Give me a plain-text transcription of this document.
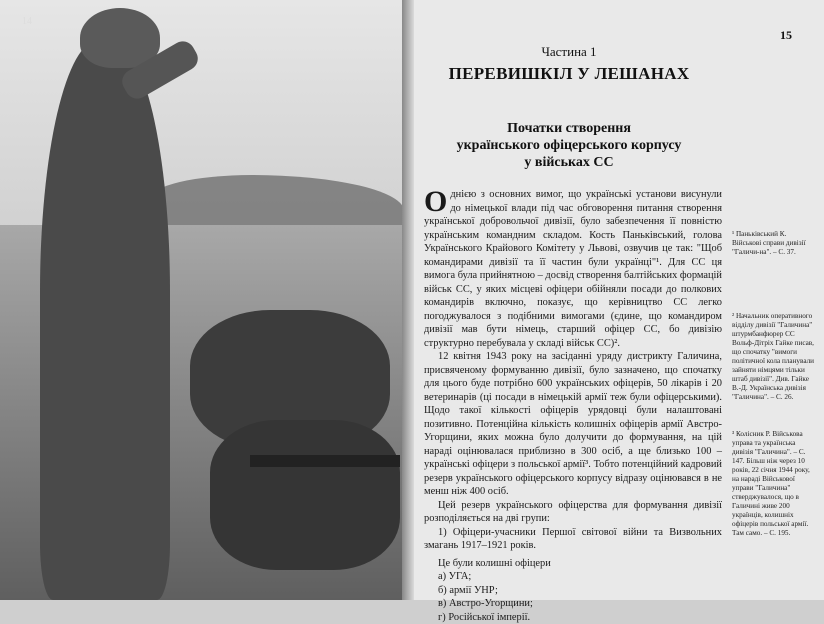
14
15
Частина 1
ПЕРЕВИШКІЛ У ЛЕШАНАХ
Початки створення
українського офіцерського корпусу
у військах СС

Однією з основних вимог, що українські установи висунули до німецької влади під час обговорення питання створення української добровольчої дивізії, було забезпечення її повністю українським командним складом. Кость Паньківський, голова Українського Крайового Комітету у Львові, озвучив це так: "Щоб командирами дивізії та її частин були українці"¹. Для СС ця вимога була прийнятною – досвід створення балтійських формацій військ СС, у яких місцеві офіцери обійняли посади до полкових командирів включно, показує, що керівництво СС легко погоджувалося з подібними вимогами (єдине, що командиром дивізії мав бути німець, старший офіцер СС, бо дивізію структурно перебувала у складі військ СС)².

12 квітня 1943 року на засіданні уряду дистрикту Галичина, присвяченому формуванню дивізії, було зазначено, що спочатку для цього буде потрібно 600 українських офіцерів, 50 лікарів і 20 ветеринарів (ці посади в німецькій армії теж були офіцерськими). Щодо такої кількості офіцерів урядовці були налаштовані позитивно. Потенційна кількість колишніх офіцерів армії Австро-Угорщини, яких можна було долучити до формування, на цій нараді оцінювалася приблизно в 300 осіб, а ще близько 100 – українські офіцери з польської армії³. Тобто потенційний кадровий резерв українського офіцерського корпусу відразу оцінювався в не менш ніж 400 осіб.

Цей резерв українського офіцерства для формування дивізії розподіляється на дві групи:

1) Офіцери-учасники Першої світової війни та Визвольних змагань 1917–1921 років.

Це були колишні офіцери
а) УГА;
б) армії УНР;
в) Австро-Угорщини;
г) Російської імперії.
¹ Паньківський К. Військові справи дивізії "Галичи-на". – С. 37.
² Начальник оперативного відділу дивізії "Галичина" штурмбанфюрер СС Вольф-Дітріх Гайке писав, що спочатку "вимоги політичної кола планували зайняти німцями тільки штаб дивізії". Див. Гайке В.-Д. Українська дивізія "Галичина". – С. 26.
³ Колісник Р. Військова управа та українська дивізія "Галичина". – С. 147. Більш ніж через 10 років, 22 січня 1944 року, на нараді Військової управи "Галичина" стверджувалося, що в Галичині живе 200 українців, колишніх офіцерів польської армії. Там само. – С. 195.
